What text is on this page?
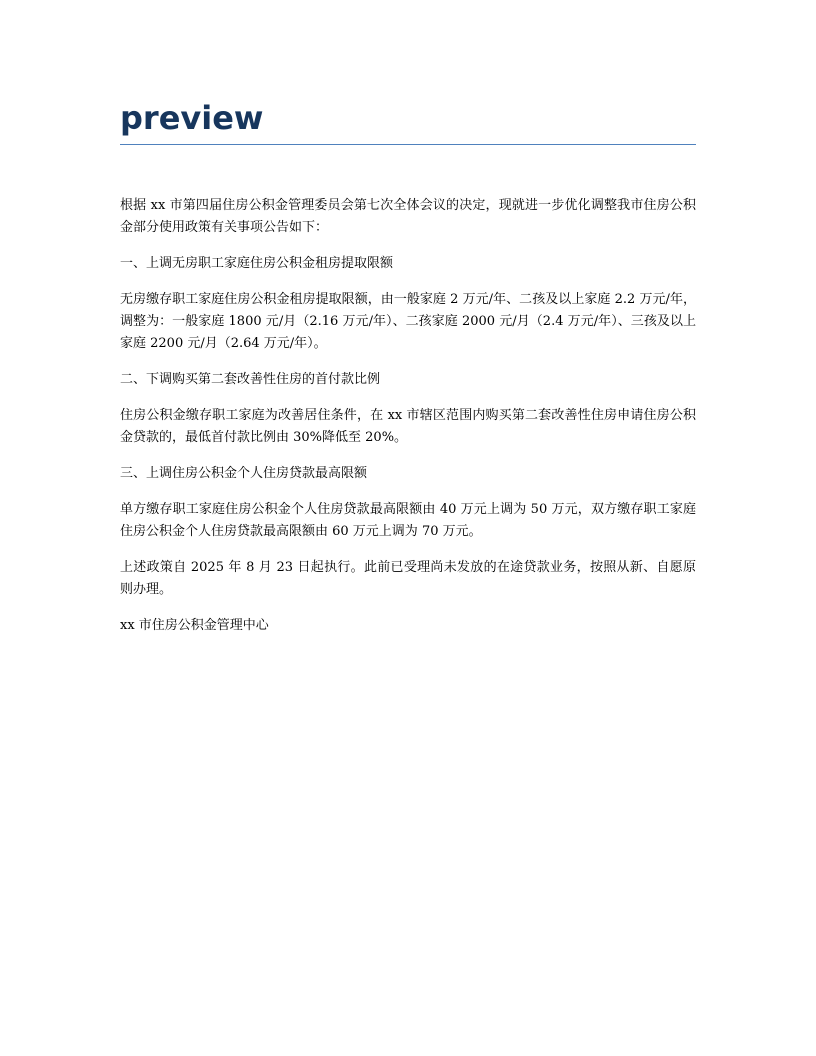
preview

根据 xx 市第四届住房公积金管理委员会第七次全体会议的决定，现就进一步优化调整我市住房公积金部分使用政策有关事项公告如下：

一、上调无房职工家庭住房公积金租房提取限额

无房缴存职工家庭住房公积金租房提取限额，由一般家庭 2 万元/年、二孩及以上家庭 2.2 万元/年，调整为：一般家庭 1800 元/月（2.16 万元/年）、二孩家庭 2000 元/月（2.4 万元/年）、三孩及以上家庭 2200 元/月（2.64 万元/年）。

二、下调购买第二套改善性住房的首付款比例

住房公积金缴存职工家庭为改善居住条件，在 xx 市辖区范围内购买第二套改善性住房申请住房公积金贷款的，最低首付款比例由 30%降低至 20%。

三、上调住房公积金个人住房贷款最高限额

单方缴存职工家庭住房公积金个人住房贷款最高限额由 40 万元上调为 50 万元，双方缴存职工家庭住房公积金个人住房贷款最高限额由 60 万元上调为 70 万元。

上述政策自 2025 年 8 月 23 日起执行。此前已受理尚未发放的在途贷款业务，按照从新、自愿原则办理。

xx 市住房公积金管理中心
